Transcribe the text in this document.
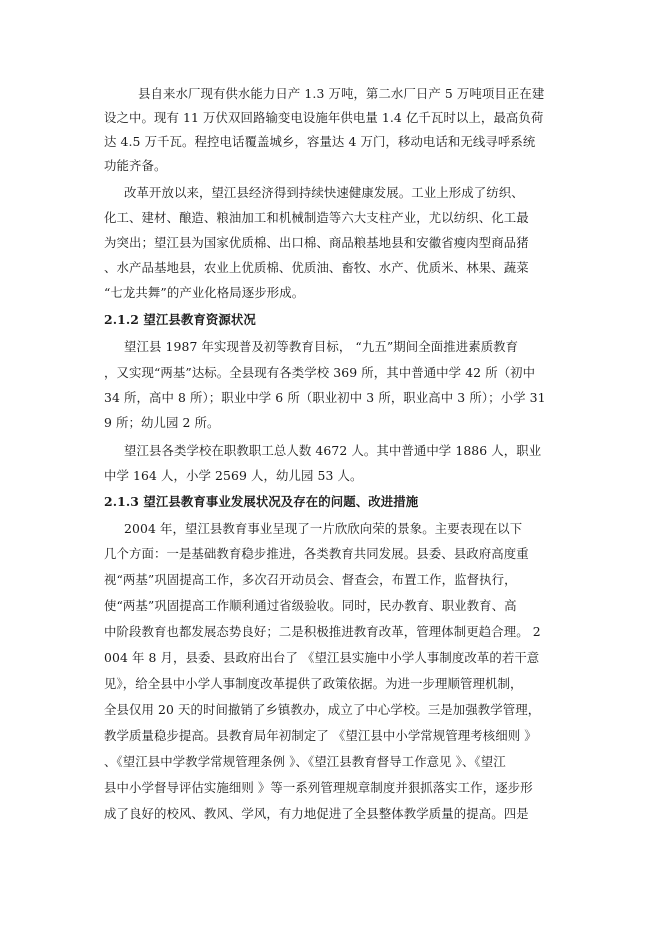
县自来水厂现有供水能力日产 1.3 万吨，第二水厂日产 5 万吨项目正在建
设之中。现有 11 万伏双回路输变电设施年供电量 1.4 亿千瓦时以上，最高负荷
达 4.5 万千瓦。程控电话覆盖城乡，容量达 4 万门，移动电话和无线寻呼系统
功能齐备。
改革开放以来，望江县经济得到持续快速健康发展。工业上形成了纺织、
化工、建材、酿造、粮油加工和机械制造等六大支柱产业，尤以纺织、化工最
为突出；望江县为国家优质棉、出口棉、商品粮基地县和安徽省瘦肉型商品猪
、水产品基地县，农业上优质棉、优质油、畜牧、水产、优质米、林果、蔬菜
“七龙共舞”的产业化格局逐步形成。
2.1.2 望江县教育资源状况
望江县 1987 年实现普及初等教育目标， “九五”期间全面推进素质教育
，又实现“两基”达标。全县现有各类学校 369 所，其中普通中学 42 所（初中
34 所，高中 8 所）；职业中学 6 所（职业初中 3 所，职业高中 3 所）；小学 31
9 所；幼儿园 2 所。
望江县各类学校在职教职工总人数 4672 人。其中普通中学 1886 人，职业
中学 164 人，小学 2569 人，幼儿园 53 人。
2.1.3 望江县教育事业发展状况及存在的问题、改进措施
2004 年，望江县教育事业呈现了一片欣欣向荣的景象。主要表现在以下
几个方面：一是基础教育稳步推进，各类教育共同发展。县委、县政府高度重
视“两基”巩固提高工作，多次召开动员会、督查会，布置工作，监督执行，
使“两基”巩固提高工作顺利通过省级验收。同时，民办教育、职业教育、高
中阶段教育也都发展态势良好；二是积极推进教育改革，管理体制更趋合理。 2
004 年 8 月，县委、县政府出台了 《望江县实施中小学人事制度改革的若干意
见》，给全县中小学人事制度改革提供了政策依据。为进一步理顺管理机制，
全县仅用 20 天的时间撤销了乡镇教办，成立了中心学校。三是加强教学管理，
教学质量稳步提高。县教育局年初制定了 《望江县中小学常规管理考核细则 》
、《望江县中学教学常规管理条例 》、《望江县教育督导工作意见 》、《望江
县中小学督导评估实施细则 》等一系列管理规章制度并狠抓落实工作，逐步形
成了良好的校风、教风、学风，有力地促进了全县整体教学质量的提高。四是
